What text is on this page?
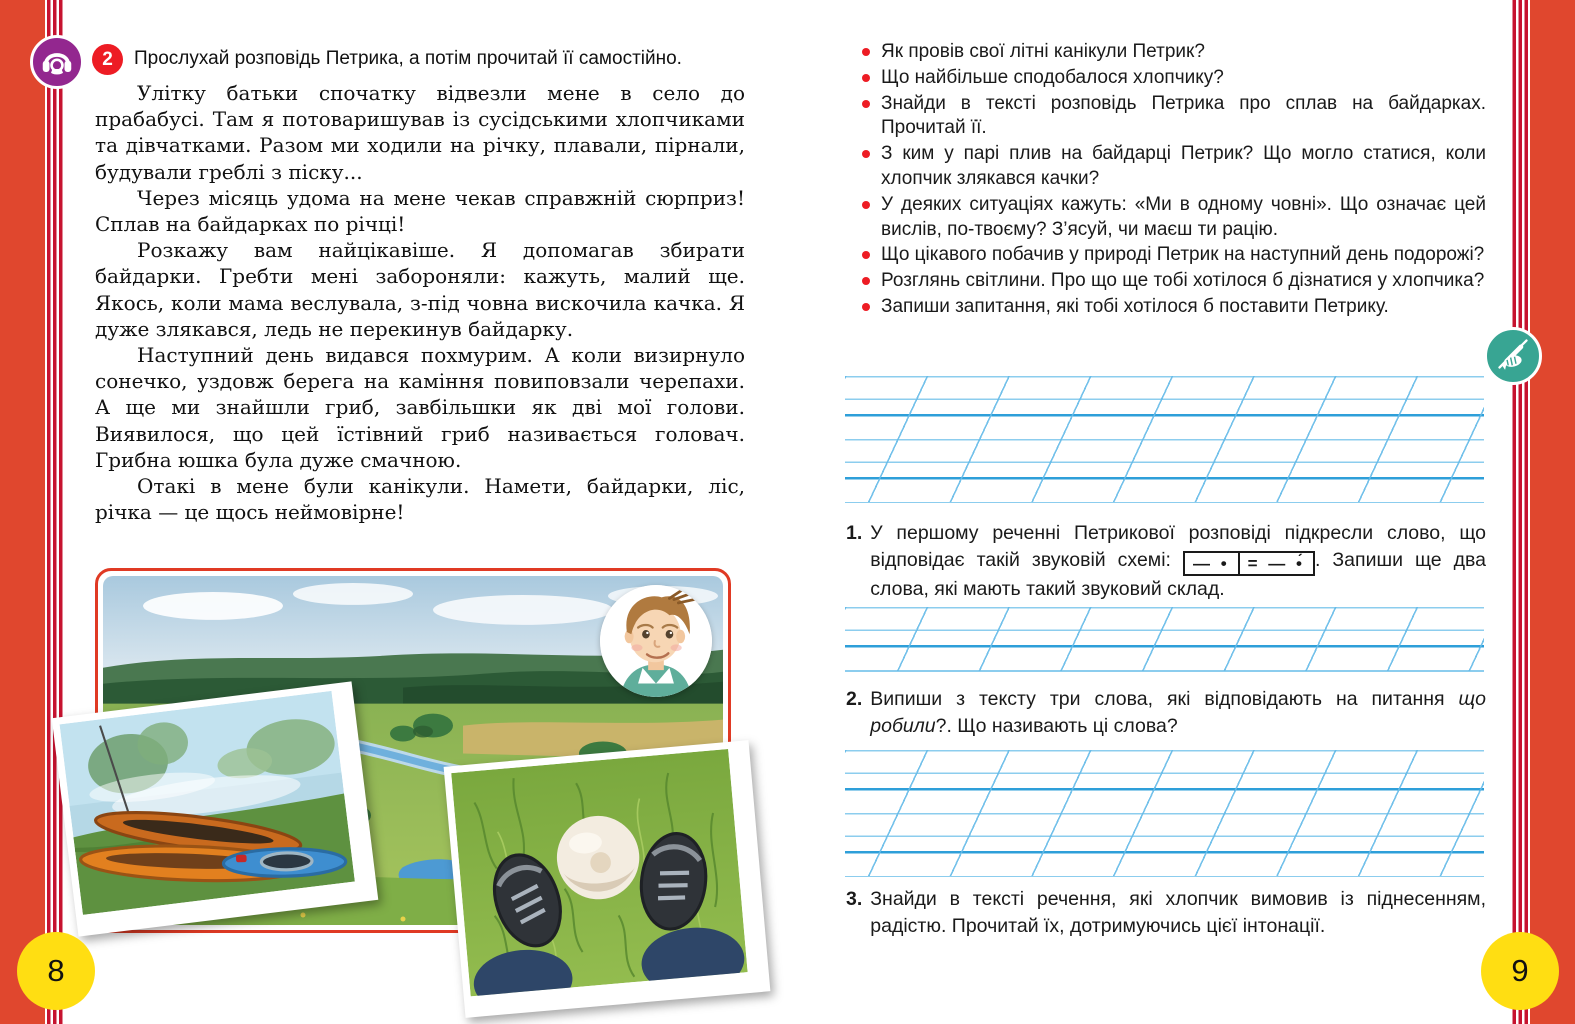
2 Прослухай розповідь Петрика, а потім прочитай її самостійно.

Улітку батьки спочатку відвезли мене в село до прабабусі. Там я потоваришував із сусідськими хлопчиками та дівчатками. Разом ми ходили на річку, плавали, пірнали, будували греблі з піску...

Через місяць удома на мене чекав справжній сюрприз! Сплав на байдарках по річці!

Розкажу вам найцікавіше. Я допомагав збирати байдарки. Гребти мені забороняли: кажуть, малий ще. Якось, коли мама веслувала, з-під човна вискочила качка. Я дуже злякався, ледь не перекинув байдарку.

Наступний день видався похмурим. А коли визирнуло сонечко, уздовж берега на каміння повиповзали черепахи. А ще ми знайшли гриб, завбільшки як дві мої голови. Виявилося, що цей їстівний гриб називається головач. Грибна юшка була дуже смачною.

Отакі в мене були канікули. Намети, байдарки, ліс, річка — це щось неймовірне!

8
Як провів свої літні канікули Петрик?
Що найбільше сподобалося хлопчику?
Знайди в тексті розповідь Петрика про сплав на байдарках. Прочитай її.
З ким у парі плив на байдарці Петрик? Що могло статися, коли хлопчик злякався качки?
У деяких ситуаціях кажуть: «Ми в одному човні». Що означає цей вислів, по-твоєму? З’ясуй, чи маєш ти рацію.
Що цікавого побачив у природі Петрик на наступний день подорожі?
Розглянь світлини. Про що ще тобі хотілося б дізнатися у хлопчика?
Запиши запитання, які тобі хотілося б поставити Петрику.
1. У першому реченні Петрикової розповіді підкресли слово, що відповідає такій звуковій схемі:	— •	= — •́ . Запиши ще два слова, які мають такий звуковий склад.
2. Випиши з тексту три слова, які відповідають на питання що робили?. Що називають ці слова?
3. Знайди в тексті речення, які хлопчик вимовив із піднесенням, радістю. Прочитай їх, дотримуючись цієї інтонації.
9
